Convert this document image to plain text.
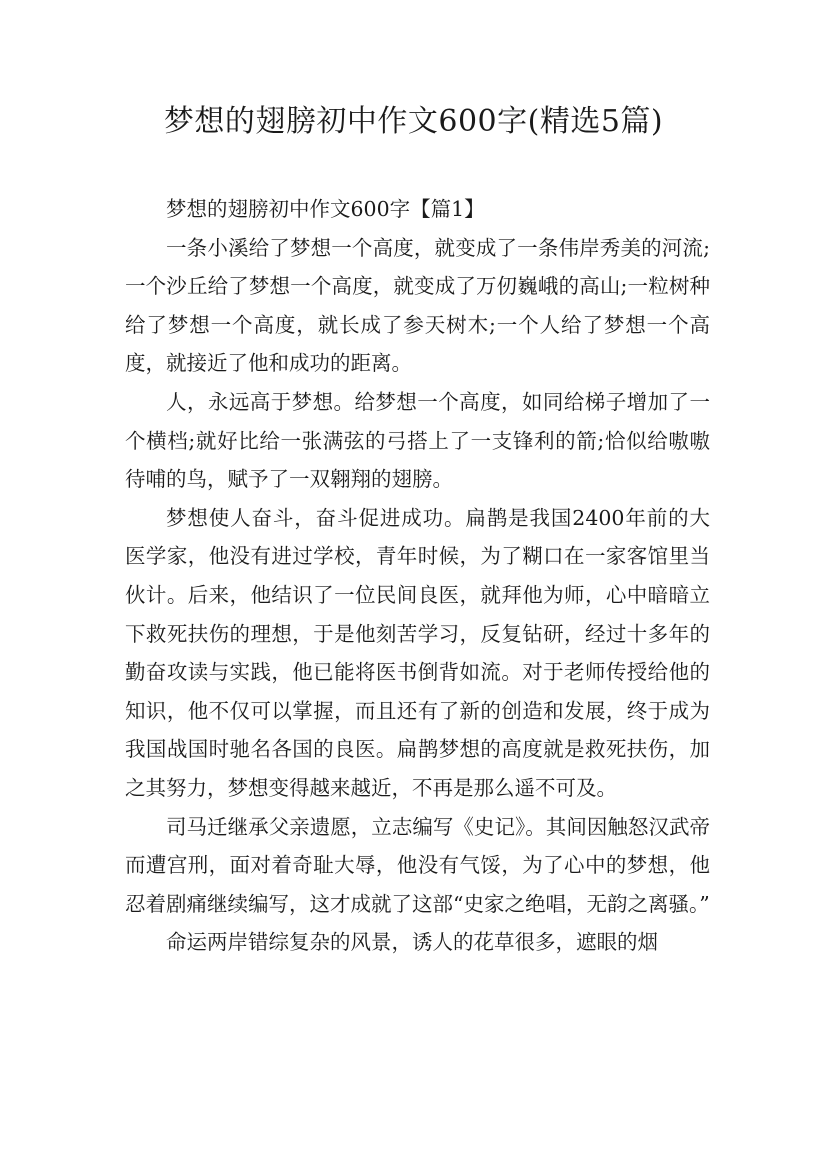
梦想的翅膀初中作文600字(精选5篇)

梦想的翅膀初中作文600字【篇1】

一条小溪给了梦想一个高度，就变成了一条伟岸秀美的河流;一个沙丘给了梦想一个高度，就变成了万仞巍峨的高山;一粒树种给了梦想一个高度，就长成了参天树木;一个人给了梦想一个高度，就接近了他和成功的距离。

人，永远高于梦想。给梦想一个高度，如同给梯子增加了一个横档;就好比给一张满弦的弓搭上了一支锋利的箭;恰似给嗷嗷待哺的鸟，赋予了一双翱翔的翅膀。

梦想使人奋斗，奋斗促进成功。扁鹊是我国2400年前的大医学家，他没有进过学校，青年时候，为了糊口在一家客馆里当伙计。后来，他结识了一位民间良医，就拜他为师，心中暗暗立下救死扶伤的理想，于是他刻苦学习，反复钻研，经过十多年的勤奋攻读与实践，他已能将医书倒背如流。对于老师传授给他的知识，他不仅可以掌握，而且还有了新的创造和发展，终于成为我国战国时驰名各国的良医。扁鹊梦想的高度就是救死扶伤，加之其努力，梦想变得越来越近，不再是那么遥不可及。

司马迁继承父亲遗愿，立志编写《史记》。其间因触怒汉武帝而遭宫刑，面对着奇耻大辱，他没有气馁，为了心中的梦想，他忍着剧痛继续编写，这才成就了这部“史家之绝唱，无韵之离骚。”

命运两岸错综复杂的风景，诱人的花草很多，遮眼的烟
